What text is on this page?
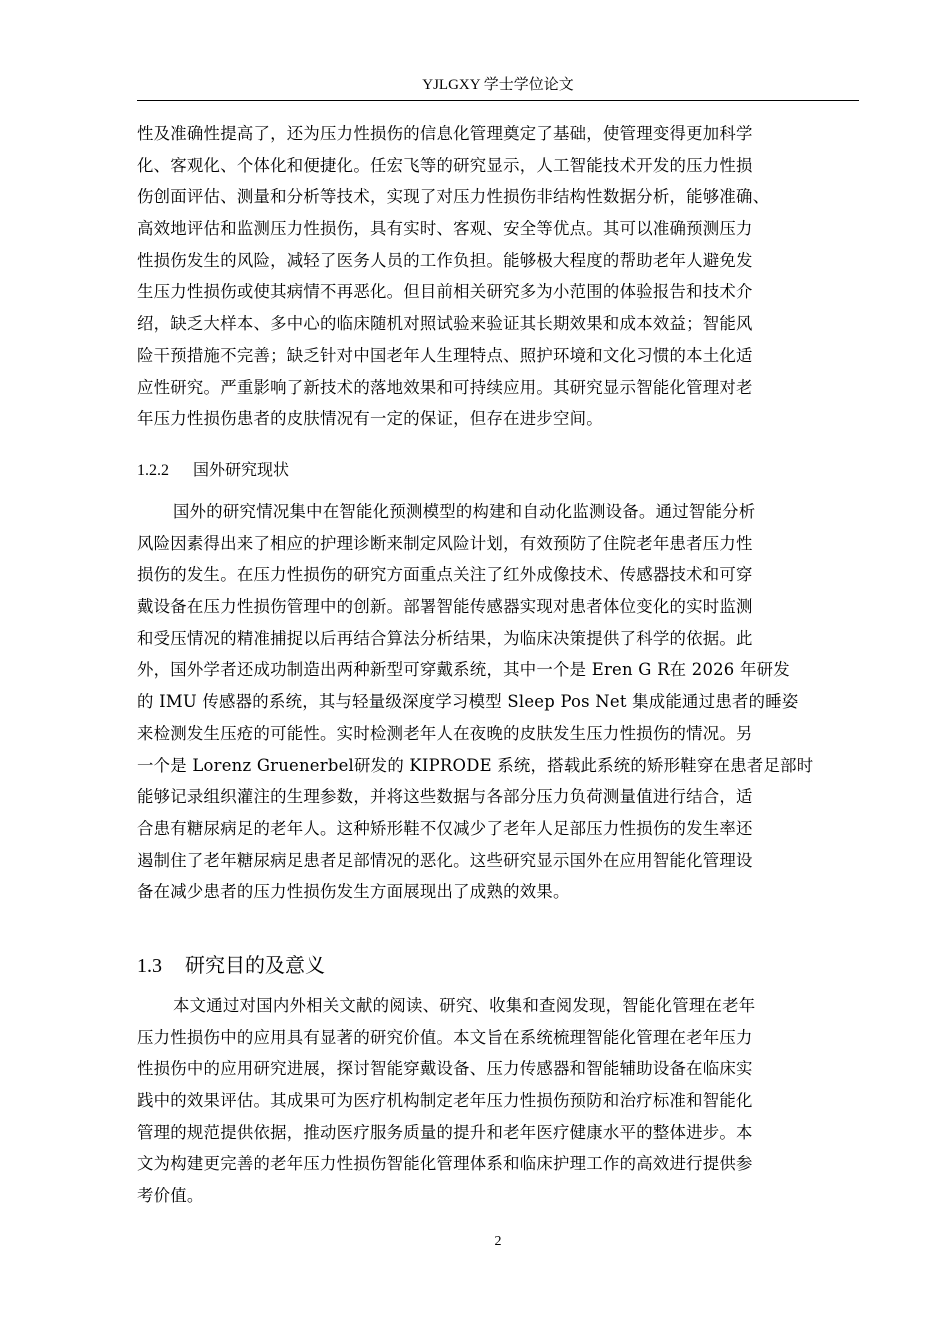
YJLGXY 学士学位论文

性及准确性提高了，还为压力性损伤的信息化管理奠定了基础，使管理变得更加科学
化、客观化、个体化和便捷化。任宏飞等的研究显示，人工智能技术开发的压力性损
伤创面评估、测量和分析等技术，实现了对压力性损伤非结构性数据分析，能够准确、
高效地评估和监测压力性损伤，具有实时、客观、安全等优点。其可以准确预测压力
性损伤发生的风险，减轻了医务人员的工作负担。能够极大程度的帮助老年人避免发
生压力性损伤或使其病情不再恶化。但目前相关研究多为小范围的体验报告和技术介
绍，缺乏大样本、多中心的临床随机对照试验来验证其长期效果和成本效益；智能风
险干预措施不完善；缺乏针对中国老年人生理特点、照护环境和文化习惯的本土化适
应性研究。严重影响了新技术的落地效果和可持续应用。其研究显示智能化管理对老
年压力性损伤患者的皮肤情况有一定的保证，但存在进步空间。

1.2.2 国外研究现状

国外的研究情况集中在智能化预测模型的构建和自动化监测设备。通过智能分析
风险因素得出来了相应的护理诊断来制定风险计划，有效预防了住院老年患者压力性
损伤的发生。在压力性损伤的研究方面重点关注了红外成像技术、传感器技术和可穿
戴设备在压力性损伤管理中的创新。部署智能传感器实现对患者体位变化的实时监测
和受压情况的精准捕捉以后再结合算法分析结果，为临床决策提供了科学的依据。此
外，国外学者还成功制造出两种新型可穿戴系统，其中一个是 Eren G R在 2026 年研发
的 IMU 传感器的系统，其与轻量级深度学习模型 Sleep Pos Net 集成能通过患者的睡姿
来检测发生压疮的可能性。实时检测老年人在夜晚的皮肤发生压力性损伤的情况。另
一个是 Lorenz Gruenerbel研发的 KIPRODE 系统，搭载此系统的矫形鞋穿在患者足部时
能够记录组织灌注的生理参数，并将这些数据与各部分压力负荷测量值进行结合，适
合患有糖尿病足的老年人。这种矫形鞋不仅减少了老年人足部压力性损伤的发生率还
遏制住了老年糖尿病足患者足部情况的恶化。这些研究显示国外在应用智能化管理设
备在减少患者的压力性损伤发生方面展现出了成熟的效果。

1.3 研究目的及意义

本文通过对国内外相关文献的阅读、研究、收集和查阅发现，智能化管理在老年
压力性损伤中的应用具有显著的研究价值。本文旨在系统梳理智能化管理在老年压力
性损伤中的应用研究进展，探讨智能穿戴设备、压力传感器和智能辅助设备在临床实
践中的效果评估。其成果可为医疗机构制定老年压力性损伤预防和治疗标准和智能化
管理的规范提供依据，推动医疗服务质量的提升和老年医疗健康水平的整体进步。本
文为构建更完善的老年压力性损伤智能化管理体系和临床护理工作的高效进行提供参
考价值。

2
